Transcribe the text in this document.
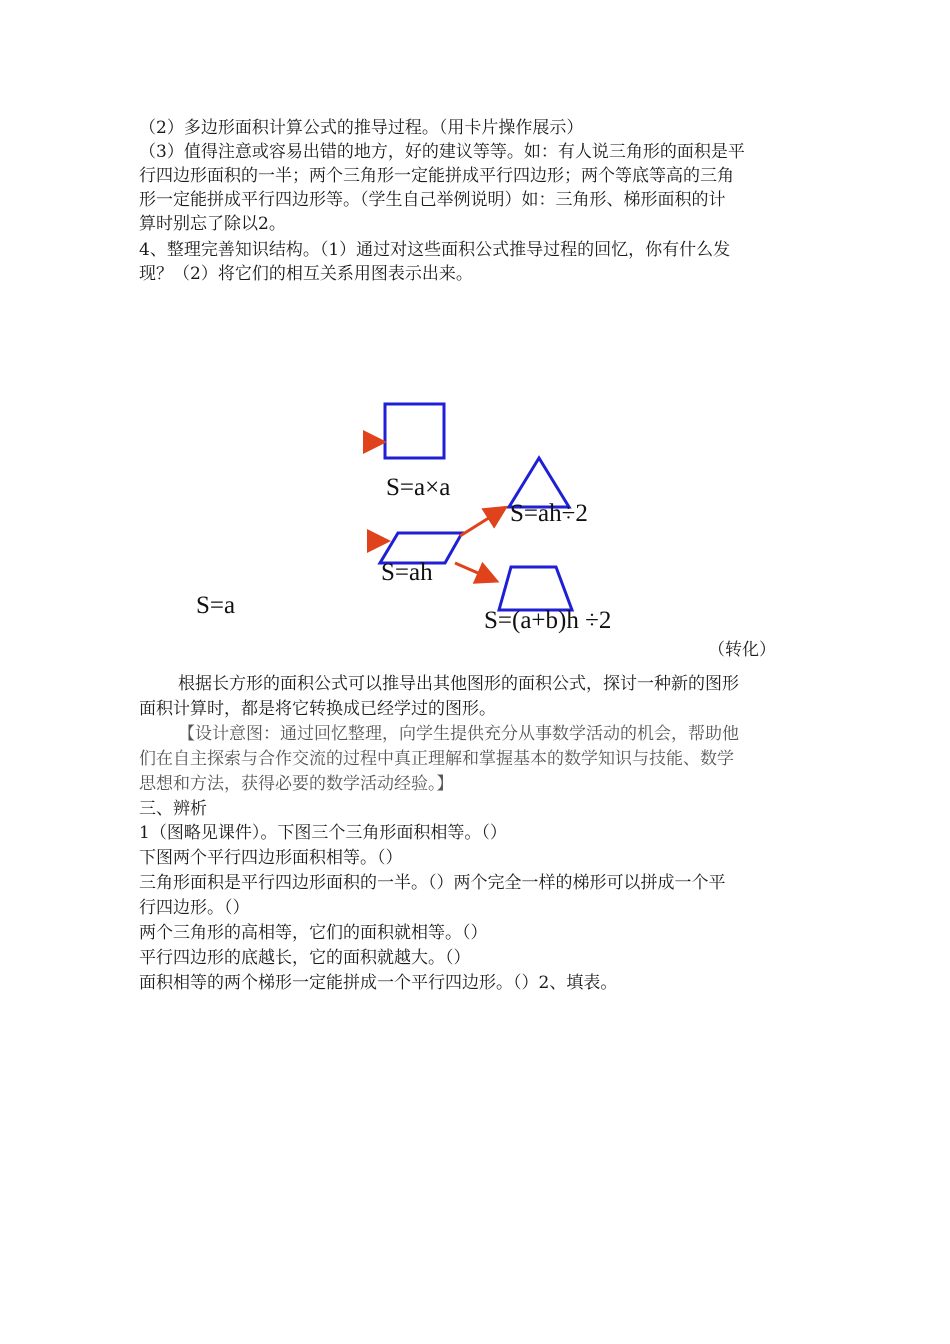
（2）多边形面积计算公式的推导过程。（用卡片操作展示）
（3）值得注意或容易出错的地方，好的建议等等。如：有人说三角形的面积是平
行四边形面积的一半；两个三角形一定能拼成平行四边形；两个等底等高的三角
形一定能拼成平行四边形等。（学生自己举例说明）如：三角形、梯形面积的计
算时别忘了除以2。
4、整理完善知识结构。（1）通过对这些面积公式推导过程的回忆，你有什么发
现？（2）将它们的相互关系用图表示出来。
S=a×a
S=ah÷2
S=ah
S=a
S=(a+b)h ÷2
（转化）
根据长方形的面积公式可以推导出其他图形的面积公式，探讨一种新的图形
面积计算时，都是将它转换成已经学过的图形。
【设计意图：通过回忆整理，向学生提供充分从事数学活动的机会，帮助他
们在自主探索与合作交流的过程中真正理解和掌握基本的数学知识与技能、数学
思想和方法，获得必要的数学活动经验。】
三、辨析
1（图略见课件）。下图三个三角形面积相等。（）
下图两个平行四边形面积相等。（）
三角形面积是平行四边形面积的一半。（）两个完全一样的梯形可以拼成一个平
行四边形。（）
两个三角形的高相等，它们的面积就相等。（）
平行四边形的底越长，它的面积就越大。（）
面积相等的两个梯形一定能拼成一个平行四边形。（）2、填表。
